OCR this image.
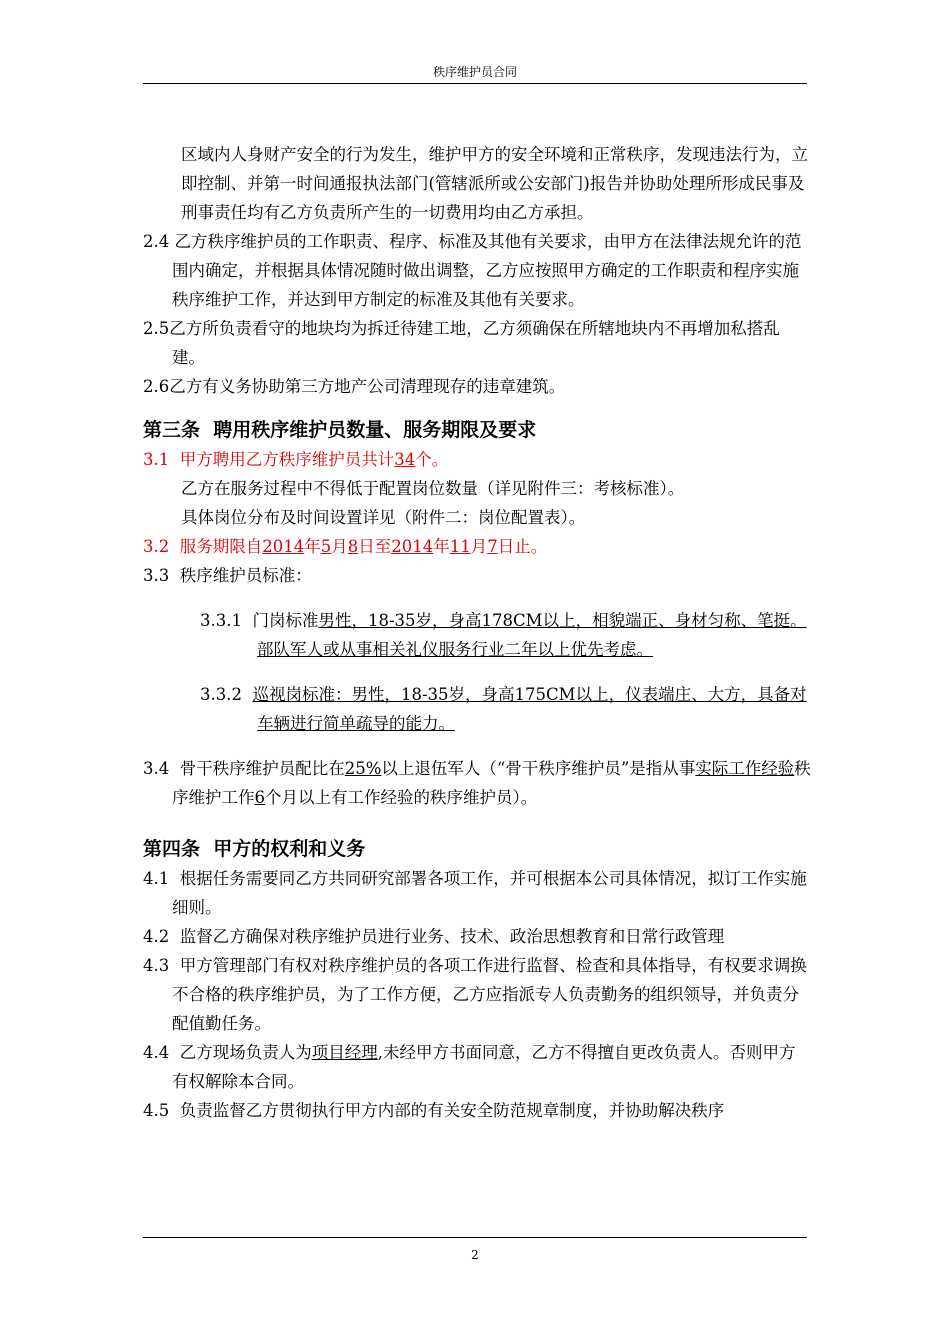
秩序维护员合同

区域内人身财产安全的行为发生，维护甲方的安全环境和正常秩序，发现违法行为，立即控制、并第一时间通报执法部门(管辖派所或公安部门)报告并协助处理所形成民事及刑事责任均有乙方负责所产生的一切费用均由乙方承担。

2.4 乙方秩序维护员的工作职责、程序、标准及其他有关要求，由甲方在法律法规允许的范围内确定，并根据具体情况随时做出调整，乙方应按照甲方确定的工作职责和程序实施秩序维护工作，并达到甲方制定的标准及其他有关要求。

2.5乙方所负责看守的地块均为拆迁待建工地，乙方须确保在所辖地块内不再增加私搭乱建。

2.6乙方有义务协助第三方地产公司清理现存的违章建筑。

第三条  聘用秩序维护员数量、服务期限及要求

3.1  甲方聘用乙方秩序维护员共计34个。

乙方在服务过程中不得低于配置岗位数量（详见附件三：考核标准）。

具体岗位分布及时间设置详见（附件二：岗位配置表）。

3.2  服务期限自2014年5月8日至2014年11月7日止。

3.3  秩序维护员标准：

3.3.1  门岗标准男性，18-35岁，身高178CM以上，相貌端正、身材匀称、笔挺。部队军人或从事相关礼仪服务行业二年以上优先考虑。

3.3.2  巡视岗标准：男性，18-35岁，身高175CM以上，仪表端庄、大方，具备对车辆进行简单疏导的能力。

3.4  骨干秩序维护员配比在25%以上退伍军人（“骨干秩序维护员”是指从事实际工作经验秩序维护工作6个月以上有工作经验的秩序维护员）。

第四条  甲方的权利和义务

4.1  根据任务需要同乙方共同研究部署各项工作，并可根据本公司具体情况，拟订工作实施细则。

4.2  监督乙方确保对秩序维护员进行业务、技术、政治思想教育和日常行政管理

4.3  甲方管理部门有权对秩序维护员的各项工作进行监督、检查和具体指导，有权要求调换不合格的秩序维护员，为了工作方便，乙方应指派专人负责勤务的组织领导，并负责分配值勤任务。

4.4  乙方现场负责人为项目经理,未经甲方书面同意，乙方不得擅自更改负责人。否则甲方有权解除本合同。

4.5  负责监督乙方贯彻执行甲方内部的有关安全防范规章制度，并协助解决秩序

2
